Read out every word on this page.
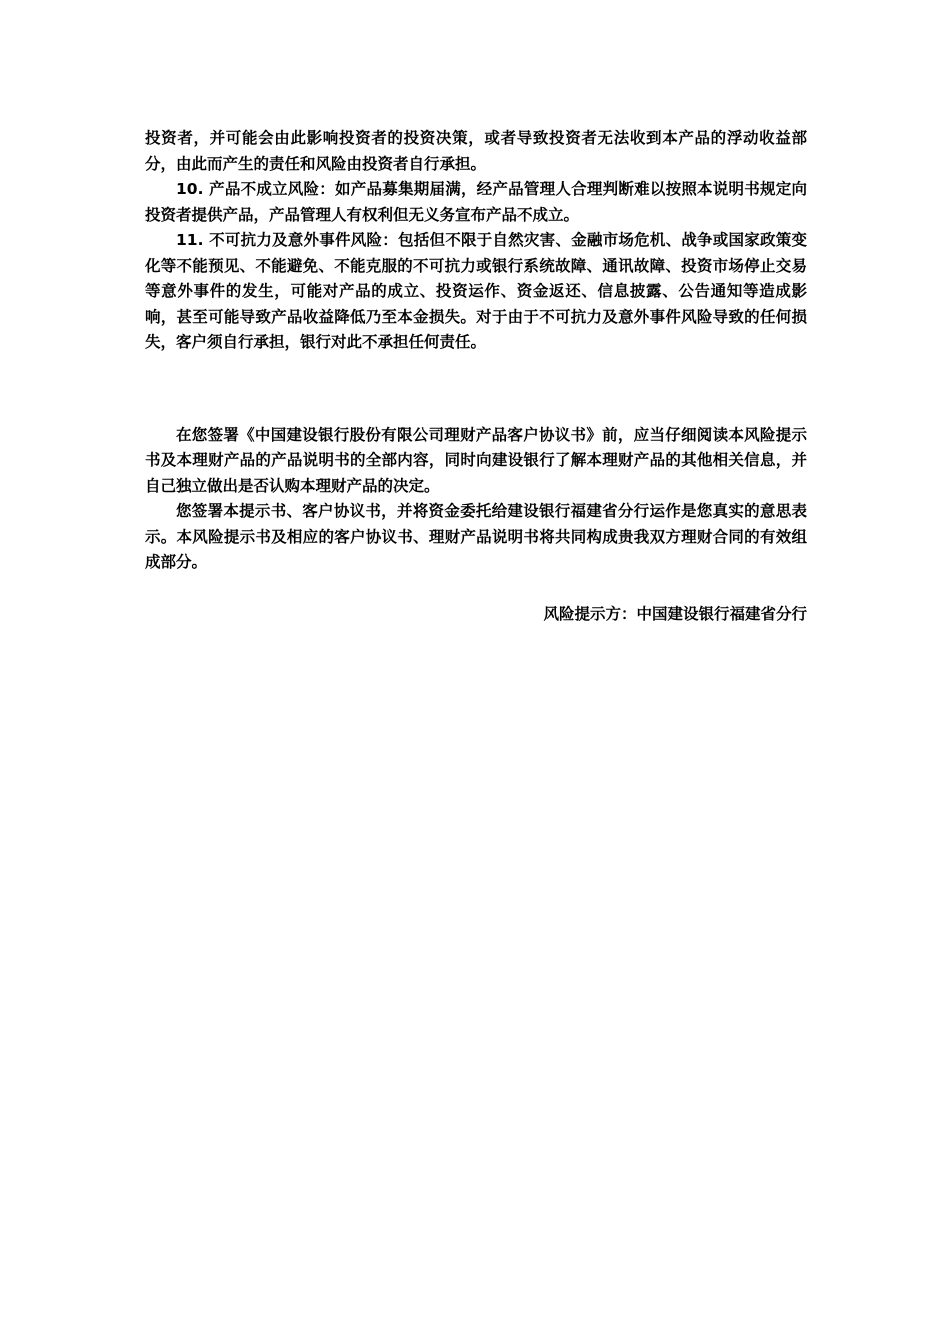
投资者，并可能会由此影响投资者的投资决策，或者导致投资者无法收到本产品的浮动收益部分，由此而产生的责任和风险由投资者自行承担。

10. 产品不成立风险：如产品募集期届满，经产品管理人合理判断难以按照本说明书规定向投资者提供产品，产品管理人有权利但无义务宣布产品不成立。

11. 不可抗力及意外事件风险：包括但不限于自然灾害、金融市场危机、战争或国家政策变化等不能预见、不能避免、不能克服的不可抗力或银行系统故障、通讯故障、投资市场停止交易等意外事件的发生，可能对产品的成立、投资运作、资金返还、信息披露、公告通知等造成影响，甚至可能导致产品收益降低乃至本金损失。对于由于不可抗力及意外事件风险导致的任何损失，客户须自行承担，银行对此不承担任何责任。

在您签署《中国建设银行股份有限公司理财产品客户协议书》前，应当仔细阅读本风险提示书及本理财产品的产品说明书的全部内容，同时向建设银行了解本理财产品的其他相关信息，并自己独立做出是否认购本理财产品的决定。

您签署本提示书、客户协议书，并将资金委托给建设银行福建省分行运作是您真实的意思表示。本风险提示书及相应的客户协议书、理财产品说明书将共同构成贵我双方理财合同的有效组成部分。

风险提示方：中国建设银行福建省分行
